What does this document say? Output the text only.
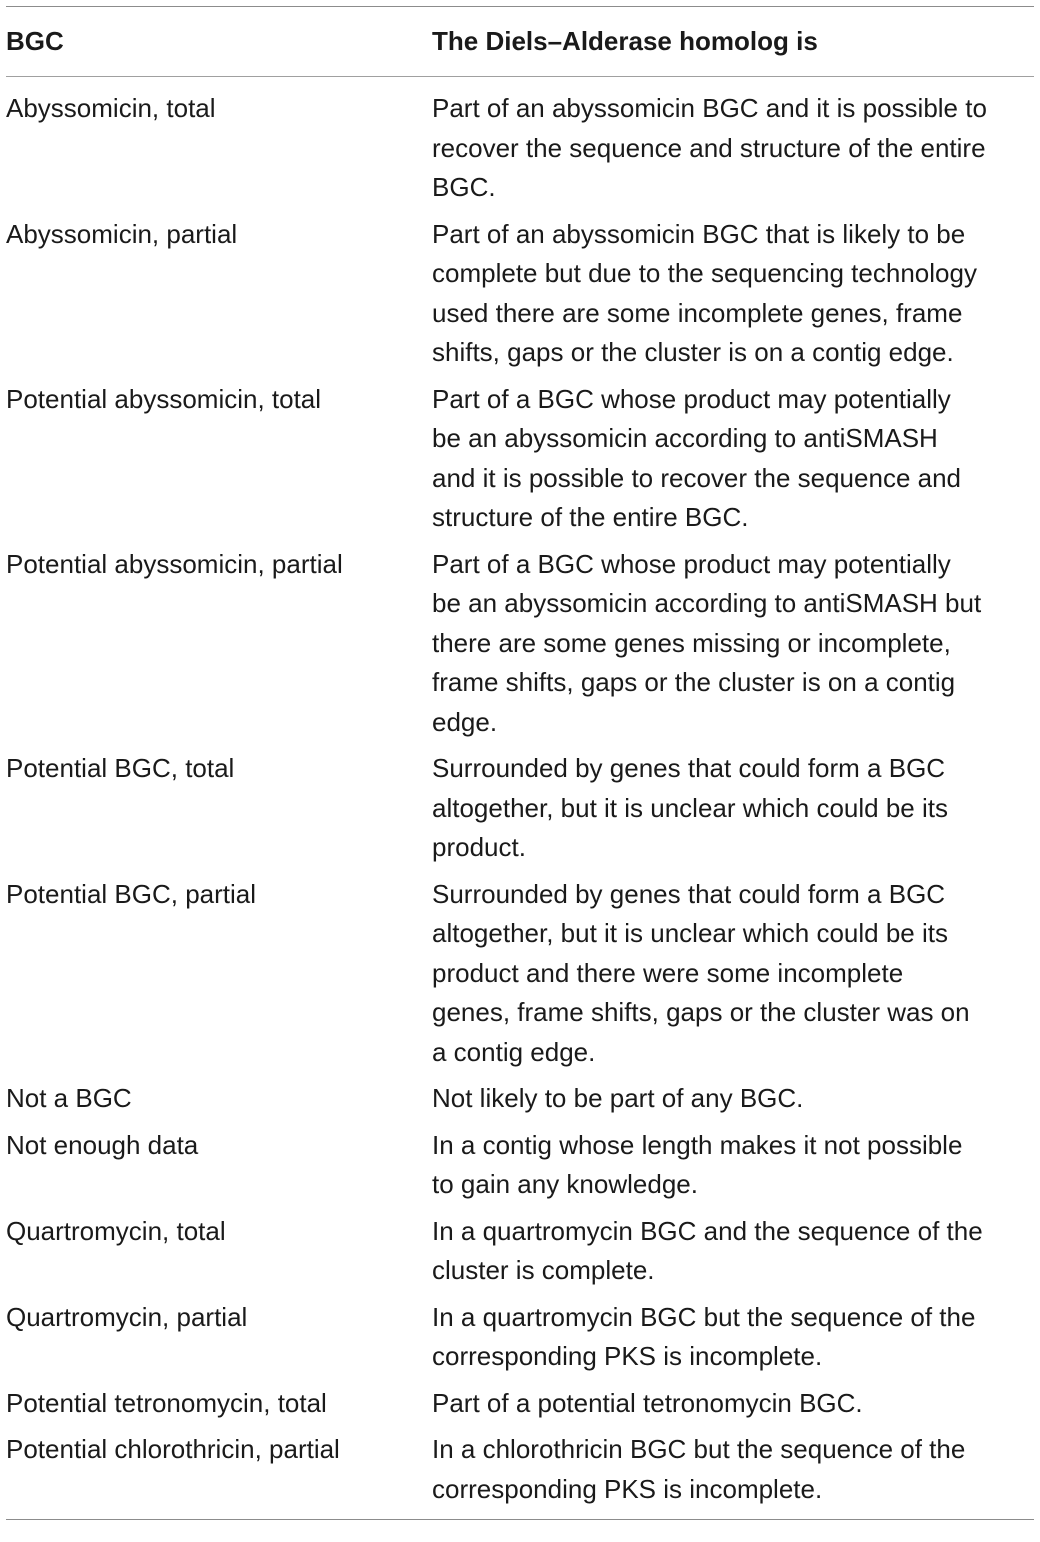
BGC	The Diels–Alderase homolog is
Abyssomicin, total	Part of an abyssomicin BGC and it is possible to
recover the sequence and structure of the entire
BGC.
Abyssomicin, partial	Part of an abyssomicin BGC that is likely to be
complete but due to the sequencing technology
used there are some incomplete genes, frame
shifts, gaps or the cluster is on a contig edge.
Potential abyssomicin, total	Part of a BGC whose product may potentially
be an abyssomicin according to antiSMASH
and it is possible to recover the sequence and
structure of the entire BGC.
Potential abyssomicin, partial	Part of a BGC whose product may potentially
be an abyssomicin according to antiSMASH but
there are some genes missing or incomplete,
frame shifts, gaps or the cluster is on a contig
edge.
Potential BGC, total	Surrounded by genes that could form a BGC
altogether, but it is unclear which could be its
product.
Potential BGC, partial	Surrounded by genes that could form a BGC
altogether, but it is unclear which could be its
product and there were some incomplete
genes, frame shifts, gaps or the cluster was on
a contig edge.
Not a BGC	Not likely to be part of any BGC.
Not enough data	In a contig whose length makes it not possible
to gain any knowledge.
Quartromycin, total	In a quartromycin BGC and the sequence of the
cluster is complete.
Quartromycin, partial	In a quartromycin BGC but the sequence of the
corresponding PKS is incomplete.
Potential tetronomycin, total	Part of a potential tetronomycin BGC.
Potential chlorothricin, partial	In a chlorothricin BGC but the sequence of the
corresponding PKS is incomplete.
